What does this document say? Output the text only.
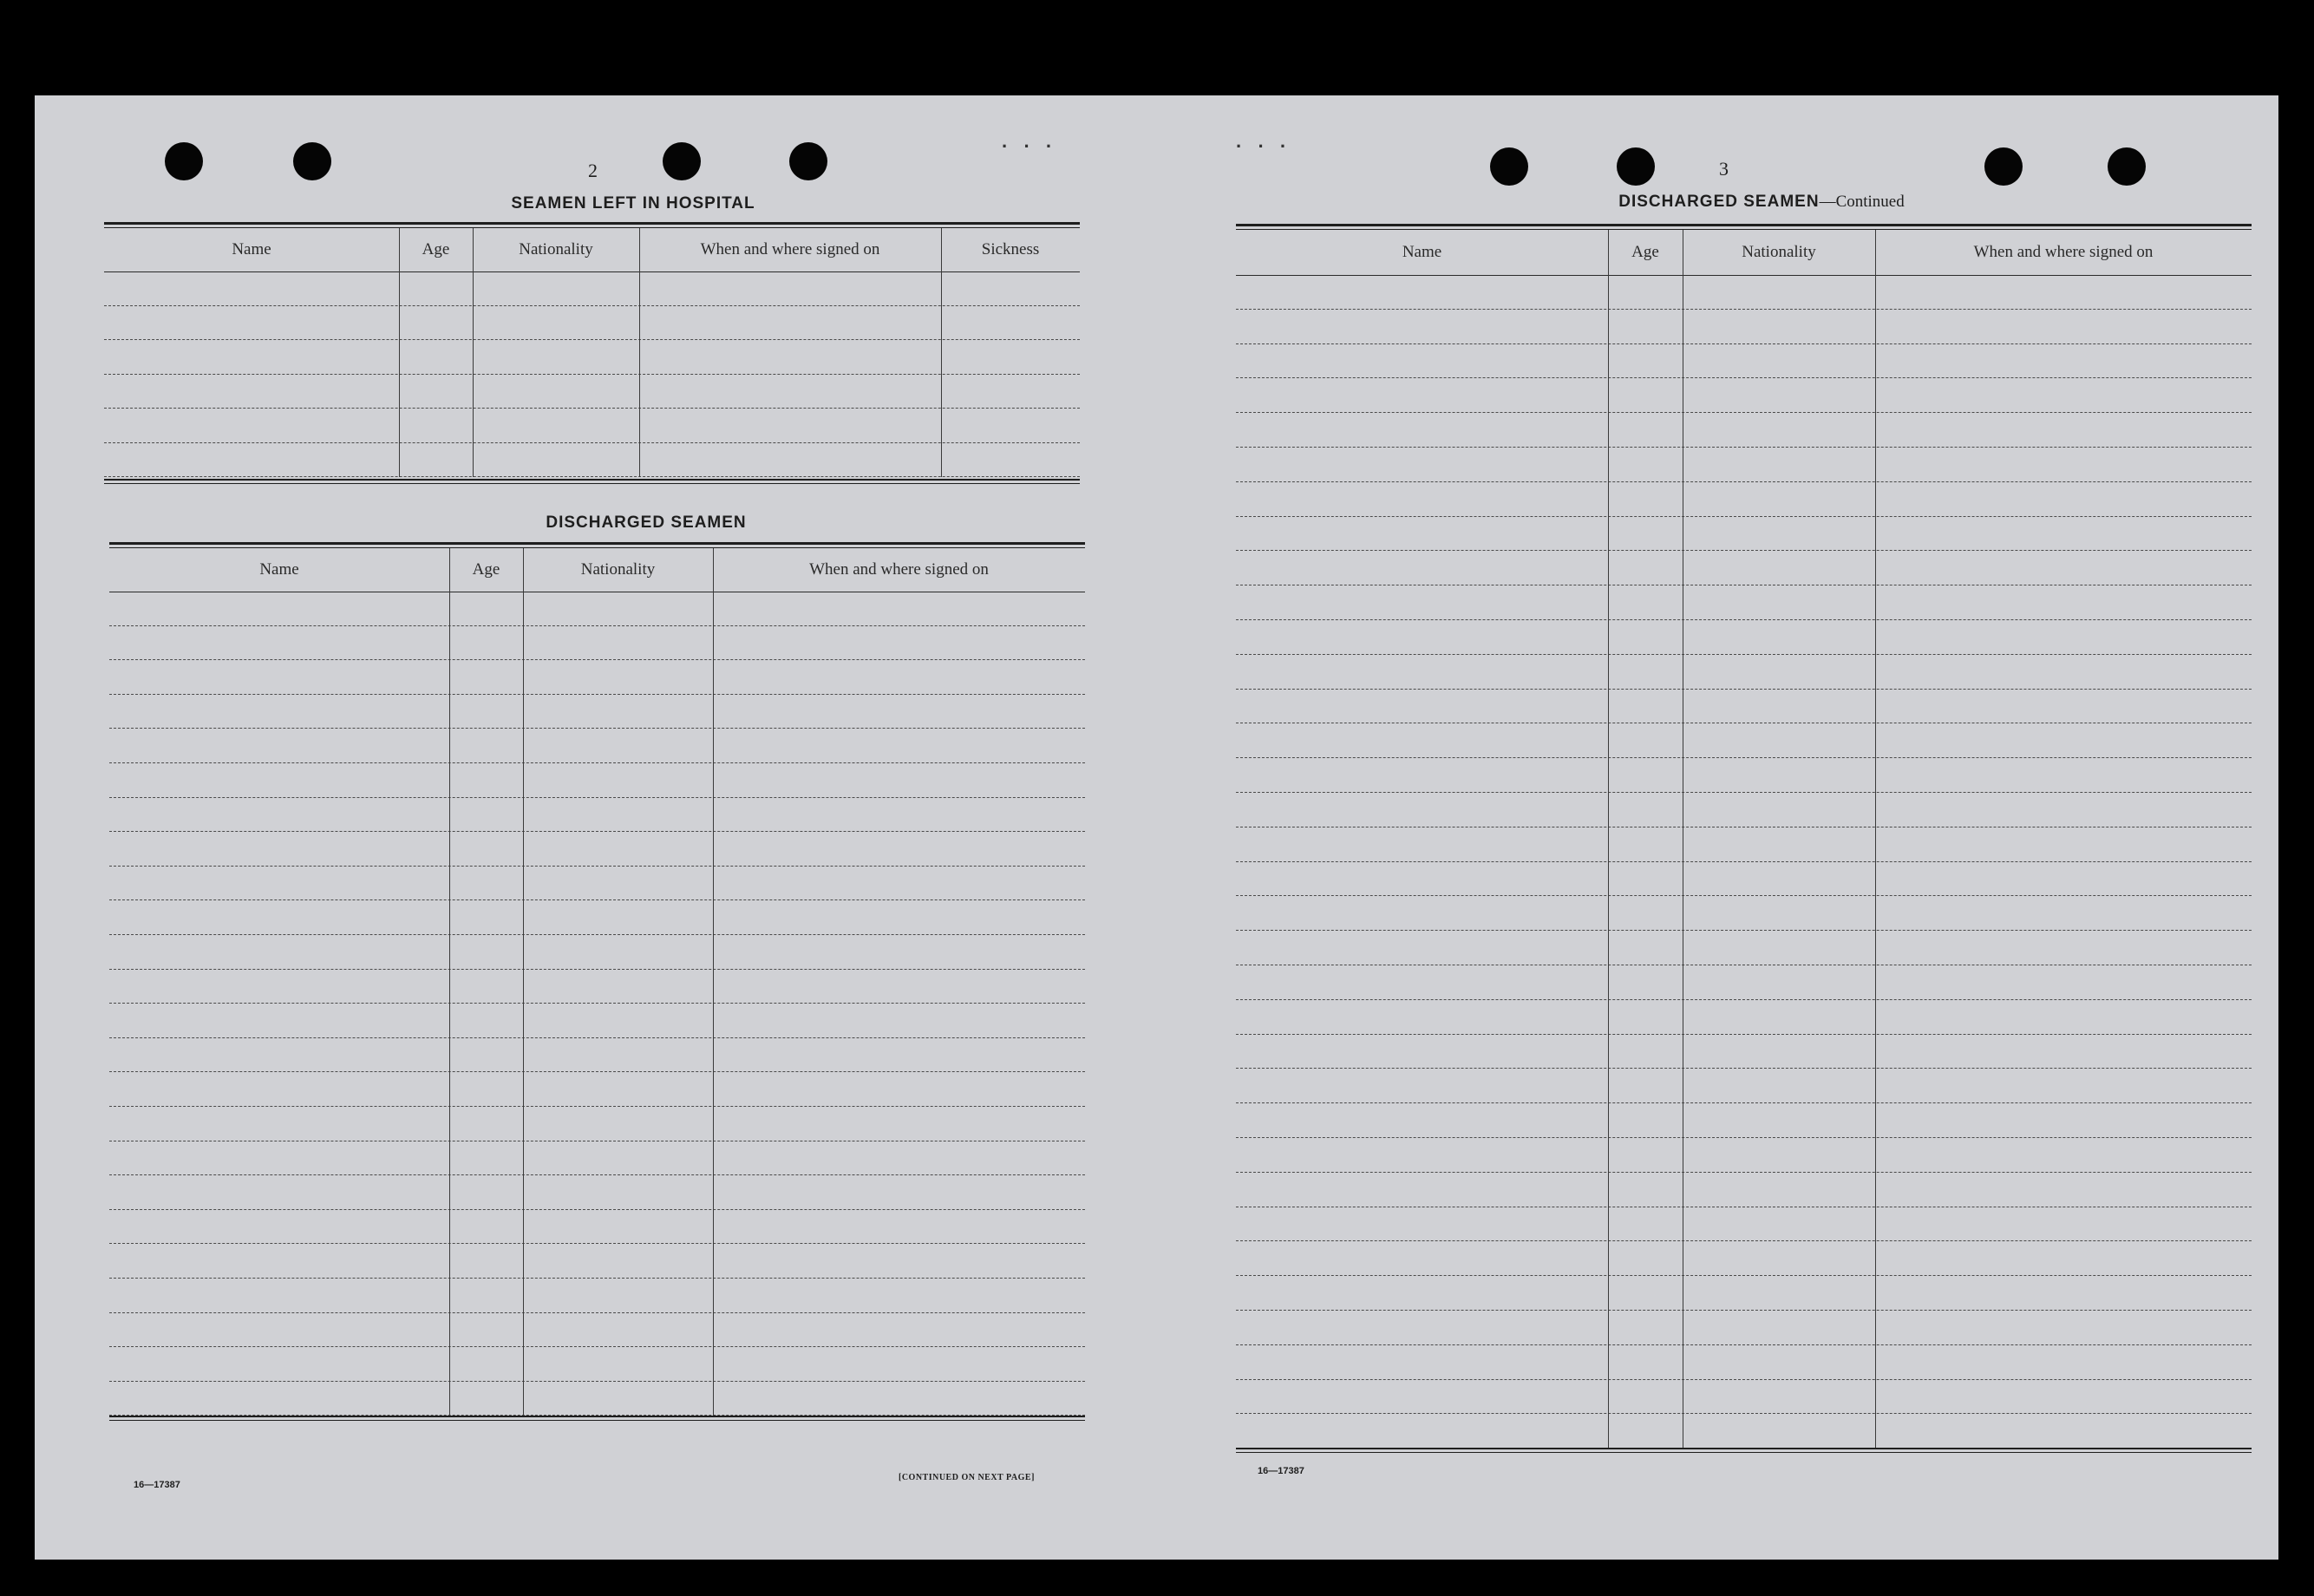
· · ·	· · ·
2
SEAMEN LEFT IN HOSPITAL
Name	Age	Nationality	When and where signed on	Sickness
DISCHARGED SEAMEN
Name	Age	Nationality	When and where signed on
16—17387
[CONTINUED ON NEXT PAGE]
3
DISCHARGED SEAMEN—Continued
Name	Age	Nationality	When and where signed on
16—17387
